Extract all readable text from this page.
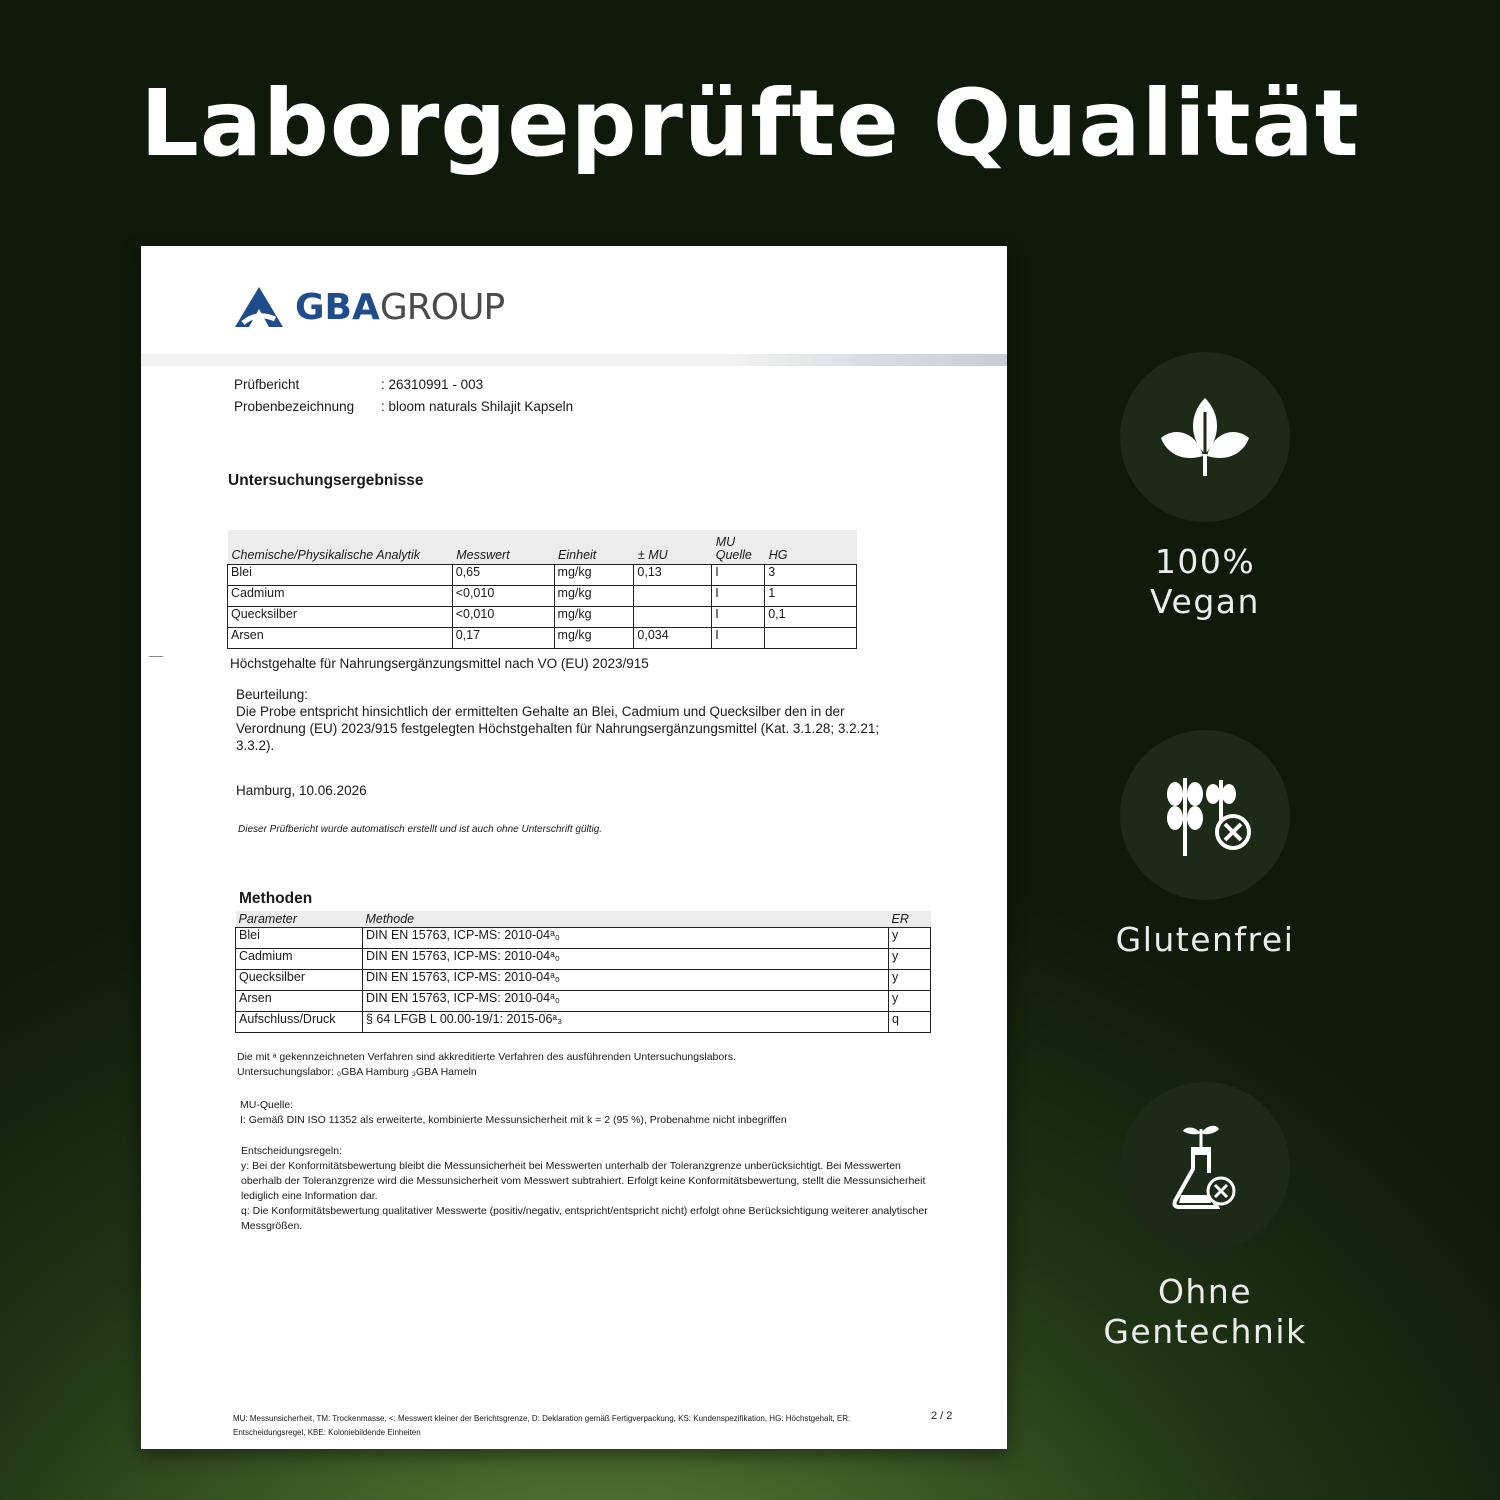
Laborgeprüfte Qualität
GBA GROUP
Prüfbericht	: 26310991 - 003
Probenbezeichnung	: bloom naturals Shilajit Kapseln
Untersuchungsergebnisse
Chemische/Physikalische Analytik	Messwert	Einheit	± MU	MU Quelle	HG
Blei	0,65	mg/kg	0,13	I	3
Cadmium	<0,010	mg/kg		I	1
Quecksilber	<0,010	mg/kg		I	0,1
Arsen	0,17	mg/kg	0,034	I	
Höchstgehalte für Nahrungsergänzungsmittel nach VO (EU) 2023/915
Beurteilung:
Die Probe entspricht hinsichtlich der ermittelten Gehalte an Blei, Cadmium und Quecksilber den in der Verordnung (EU) 2023/915 festgelegten Höchstgehalten für Nahrungsergänzungsmittel (Kat. 3.1.28; 3.2.21; 3.3.2).
Hamburg, 10.06.2026
Dieser Prüfbericht wurde automatisch erstellt und ist auch ohne Unterschrift gültig.
Methoden
Parameter	Methode	ER
Blei	DIN EN 15763, ICP-MS: 2010-04ᵃ₀	y
Cadmium	DIN EN 15763, ICP-MS: 2010-04ᵃ₀	y
Quecksilber	DIN EN 15763, ICP-MS: 2010-04ᵃ₀	y
Arsen	DIN EN 15763, ICP-MS: 2010-04ᵃ₀	y
Aufschluss/Druck	§ 64 LFGB L 00.00-19/1: 2015-06ᵃ₃	q
Die mit ᵃ gekennzeichneten Verfahren sind akkreditierte Verfahren des ausführenden Untersuchungslabors.
Untersuchungslabor: ₀GBA Hamburg ₃GBA Hameln
MU-Quelle:
I: Gemäß DIN ISO 11352 als erweiterte, kombinierte Messunsicherheit mit k = 2 (95 %), Probenahme nicht inbegriffen
Entscheidungsregeln:
y: Bei der Konformitätsbewertung bleibt die Messunsicherheit bei Messwerten unterhalb der Toleranzgrenze unberücksichtigt. Bei Messwerten oberhalb der Toleranzgrenze wird die Messunsicherheit vom Messwert subtrahiert. Erfolgt keine Konformitätsbewertung, stellt die Messunsicherheit lediglich eine Information dar.
q: Die Konformitätsbewertung qualitativer Messwerte (positiv/negativ, entspricht/entspricht nicht) erfolgt ohne Berücksichtigung weiterer analytischer Messgrößen.
MU: Messunsicherheit, TM: Trockenmasse, <: Messwert kleiner der Berichtsgrenze, D: Deklaration gemäß Fertigverpackung, KS: Kundenspezifikation, HG: Höchstgehalt, ER: Entscheidungsregel, KBE: Koloniebildende Einheiten
2 / 2
100%
Vegan
Glutenfrei
Ohne
Gentechnik
